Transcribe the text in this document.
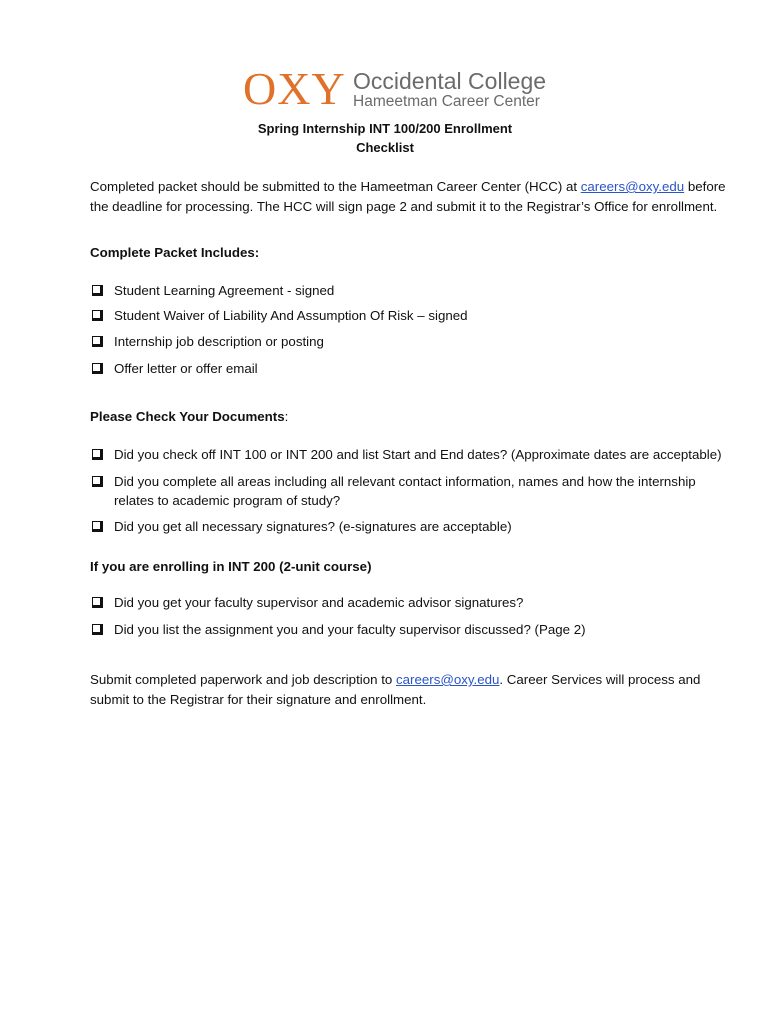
OXY Occidental College
Hameetman Career Center
Spring Internship INT 100/200 Enrollment
Checklist
Completed packet should be submitted to the Hameetman Career Center (HCC) at careers@oxy.edu before the deadline for processing. The HCC will sign page 2 and submit it to the Registrar’s Office for enrollment.
Complete Packet Includes:
Student Learning Agreement - signed
Student Waiver of Liability And Assumption Of Risk – signed
Internship job description or posting
Offer letter or offer email
Please Check Your Documents:
Did you check off INT 100 or INT 200 and list Start and End dates? (Approximate dates are acceptable)
Did you complete all areas including all relevant contact information, names and how the internship relates to academic program of study?
Did you get all necessary signatures? (e-signatures are acceptable)
If you are enrolling in INT 200 (2-unit course)
Did you get your faculty supervisor and academic advisor signatures?
Did you list the assignment you and your faculty supervisor discussed? (Page 2)
Submit completed paperwork and job description to careers@oxy.edu. Career Services will process and submit to the Registrar for their signature and enrollment.
